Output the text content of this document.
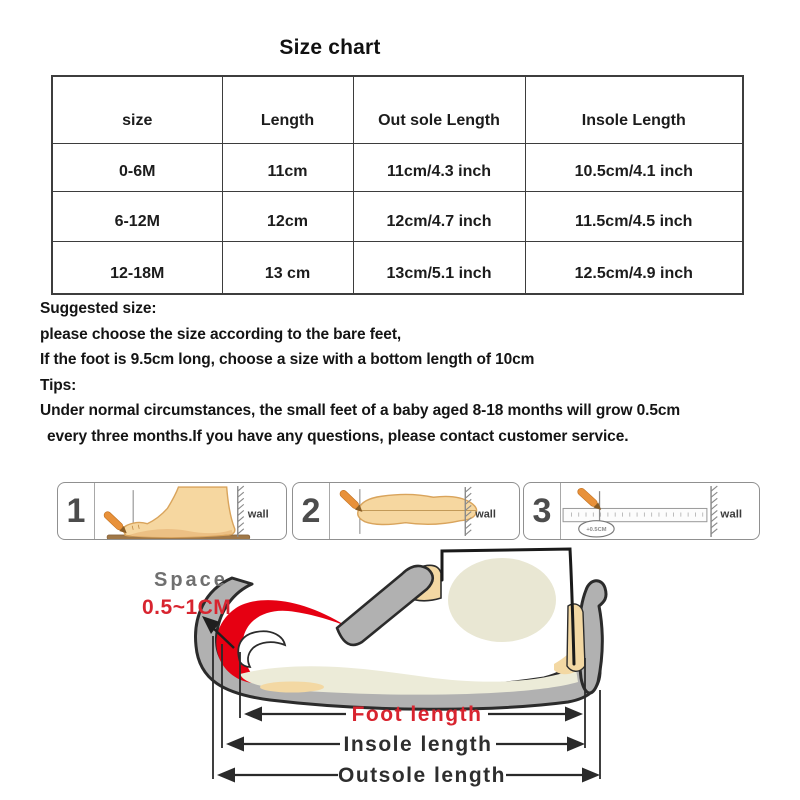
Size chart
size	Length	Out sole Length	Insole Length
0-6M	11cm	11cm/4.3 inch	10.5cm/4.1 inch
6-12M	12cm	12cm/4.7 inch	11.5cm/4.5 inch
12-18M	13 cm	13cm/5.1 inch	12.5cm/4.9 inch
Suggested size:
please choose the size according to the bare feet,
If the foot is 9.5cm long, choose a size with a bottom length of 10cm
Tips:
Under normal circumstances, the small feet of a baby aged 8-18 months will grow 0.5cm
every three months.If you have any questions, please contact customer service.
1	wall 2	wall 3
+0.5CM
wall
Foot length
Insole length
Outsole length
Space
0.5~1CM
